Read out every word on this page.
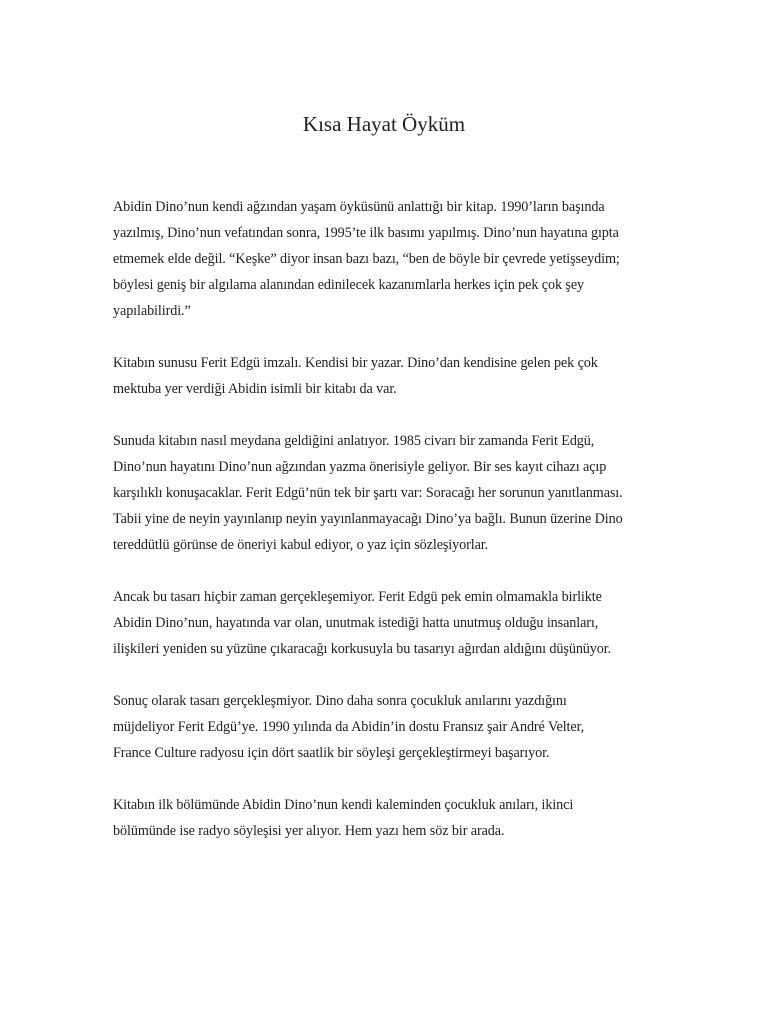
Kısa Hayat Öyküm

Abidin Dino’nun kendi ağzından yaşam öyküsünü anlattığı bir kitap. 1990’ların başında
yazılmış, Dino’nun vefatından sonra, 1995’te ilk basımı yapılmış. Dino’nun hayatına gıpta
etmemek elde değil. “Keşke” diyor insan bazı bazı, “ben de böyle bir çevrede yetişseydim;
böylesi geniş bir algılama alanından edinilecek kazanımlarla herkes için pek çok şey
yapılabilirdi.”

Kitabın sunusu Ferit Edgü imzalı. Kendisi bir yazar. Dino’dan kendisine gelen pek çok
mektuba yer verdiği Abidin isimli bir kitabı da var.

Sunuda kitabın nasıl meydana geldiğini anlatıyor. 1985 civarı bir zamanda Ferit Edgü,
Dino’nun hayatını Dino’nun ağzından yazma önerisiyle geliyor. Bir ses kayıt cihazı açıp
karşılıklı konuşacaklar. Ferit Edgü’nün tek bir şartı var: Soracağı her sorunun yanıtlanması.
Tabii yine de neyin yayınlanıp neyin yayınlanmayacağı Dino’ya bağlı. Bunun üzerine Dino
tereddütlü görünse de öneriyi kabul ediyor, o yaz için sözleşiyorlar.

Ancak bu tasarı hiçbir zaman gerçekleşemiyor. Ferit Edgü pek emin olmamakla birlikte
Abidin Dino’nun, hayatında var olan, unutmak istediği hatta unutmuş olduğu insanları,
ilişkileri yeniden su yüzüne çıkaracağı korkusuyla bu tasarıyı ağırdan aldığını düşünüyor.

Sonuç olarak tasarı gerçekleşmiyor. Dino daha sonra çocukluk anılarını yazdığını
müjdeliyor Ferit Edgü’ye. 1990 yılında da Abidin’in dostu Fransız şair André Velter,
France Culture radyosu için dört saatlik bir söyleşi gerçekleştirmeyi başarıyor.

Kitabın ilk bölümünde Abidin Dino’nun kendi kaleminden çocukluk anıları, ikinci
bölümünde ise radyo söyleşisi yer alıyor. Hem yazı hem söz bir arada.
